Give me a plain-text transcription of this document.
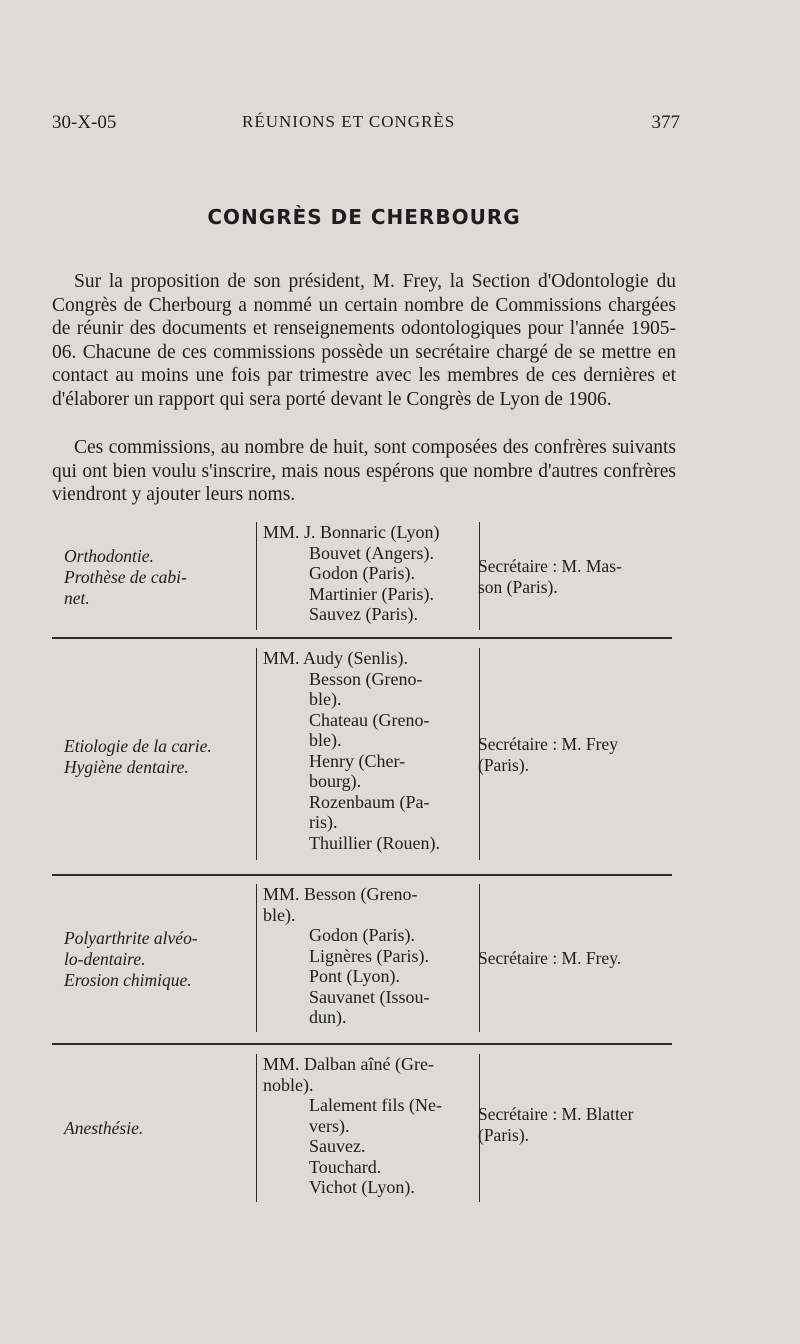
30-X-05	RÉUNIONS ET CONGRÈS	377
CONGRÈS DE CHERBOURG

Sur la proposition de son président, M. Frey, la Section d'Odontologie du Congrès de Cherbourg a nommé un certain nombre de Commissions chargées de réunir des documents et renseignements odontologiques pour l'année 1905-06. Chacune de ces commissions possède un secrétaire chargé de se mettre en contact au moins une fois par trimestre avec les membres de ces dernières et d'élaborer un rapport qui sera porté devant le Congrès de Lyon de 1906.

Ces commissions, au nombre de huit, sont composées des confrères suivants qui ont bien voulu s'inscrire, mais nous espérons que nombre d'autres confrères viendront y ajouter leurs noms.

Orthodontie.
Prothèse de cabi-
net.
MM. J. Bonnaric (Lyon)
Bouvet (Angers).
Godon (Paris).
Martinier (Paris).
Sauvez (Paris).
Secrétaire : M. Mas-
son (Paris).
Etiologie de la carie.
Hygiène dentaire.
MM. Audy (Senlis).
Besson (Greno-
ble).
Chateau (Greno-
ble).
Henry (Cher-
bourg).
Rozenbaum (Pa-
ris).
Thuillier (Rouen).
Secrétaire : M. Frey
(Paris).
Polyarthrite alvéo-
lo-dentaire.
Erosion chimique.
MM. Besson (Greno-
ble).
Godon (Paris).
Lignères (Paris).
Pont (Lyon).
Sauvanet (Issou-
dun).
Secrétaire : M. Frey.
Anesthésie.
MM. Dalban aîné (Gre-
noble).
Lalement fils (Ne-
vers).
Sauvez.
Touchard.
Vichot (Lyon).
Secrétaire : M. Blatter
(Paris).
